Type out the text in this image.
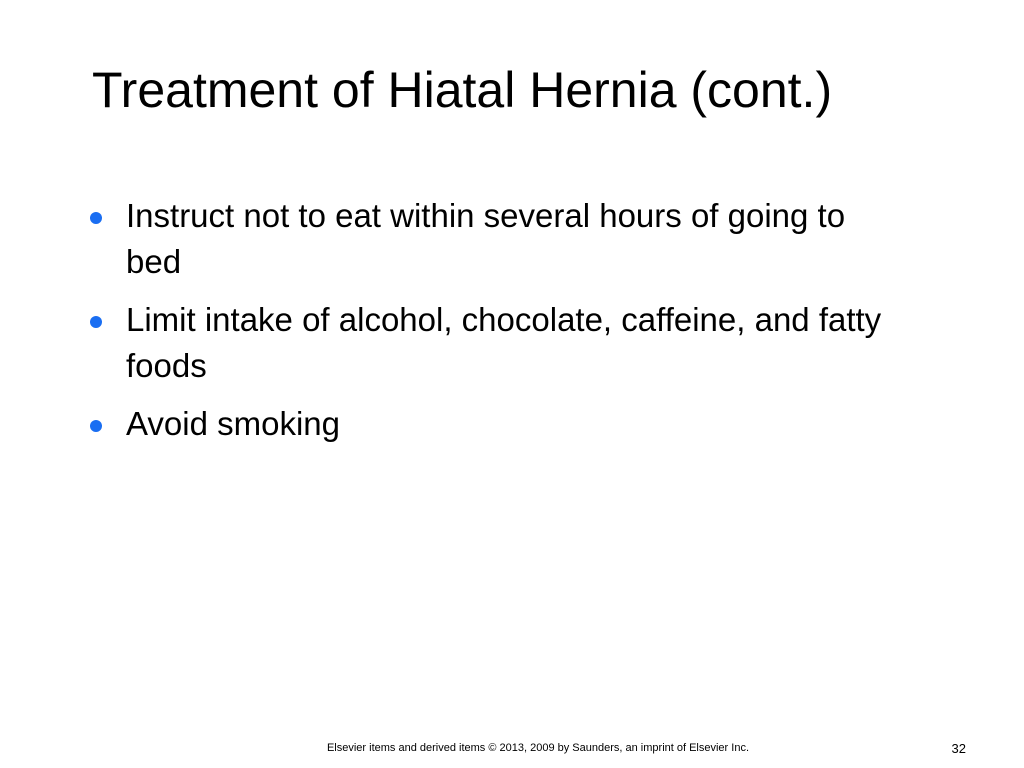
Treatment of Hiatal Hernia (cont.)
Instruct not to eat within several hours of going to bed
Limit intake of alcohol, chocolate, caffeine, and fatty foods
Avoid smoking
Elsevier items and derived items © 2013, 2009 by Saunders, an imprint of Elsevier Inc.	32
